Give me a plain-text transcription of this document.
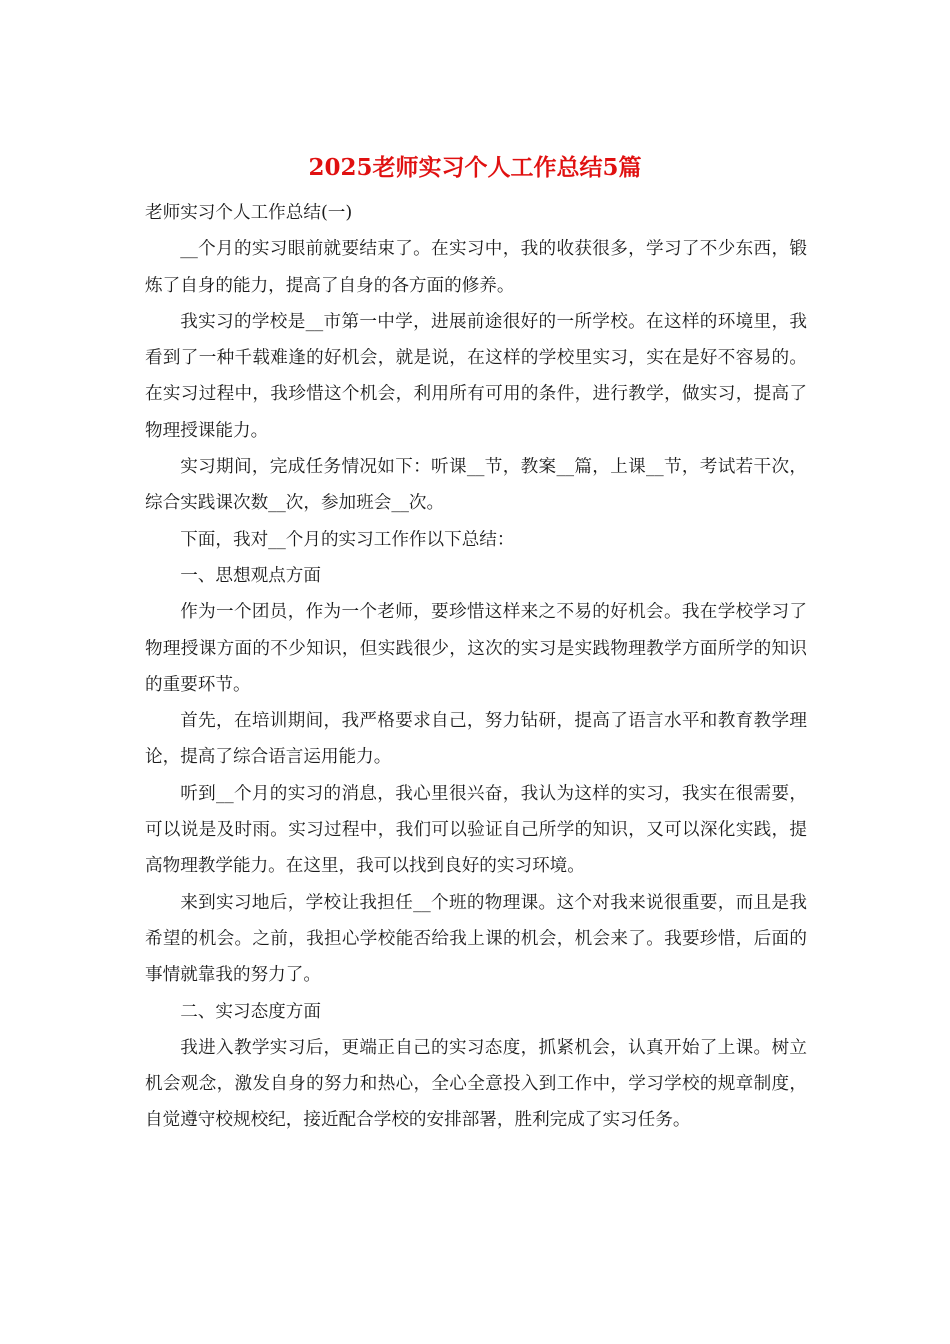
2025老师实习个人工作总结5篇

老师实习个人工作总结(一)

__个月的实习眼前就要结束了。在实习中，我的收获很多，学习了不少东西，锻炼了自身的能力，提高了自身的各方面的修养。

我实习的学校是__市第一中学，进展前途很好的一所学校。在这样的环境里，我看到了一种千载难逢的好机会，就是说，在这样的学校里实习，实在是好不容易的。在实习过程中，我珍惜这个机会，利用所有可用的条件，进行教学，做实习，提高了物理授课能力。

实习期间，完成任务情况如下：听课__节，教案__篇，上课__节，考试若干次，综合实践课次数__次，参加班会__次。

下面，我对__个月的实习工作作以下总结：

一、思想观点方面

作为一个团员，作为一个老师，要珍惜这样来之不易的好机会。我在学校学习了物理授课方面的不少知识，但实践很少，这次的实习是实践物理教学方面所学的知识的重要环节。

首先，在培训期间，我严格要求自己，努力钻研，提高了语言水平和教育教学理论，提高了综合语言运用能力。

听到__个月的实习的消息，我心里很兴奋，我认为这样的实习，我实在很需要，可以说是及时雨。实习过程中，我们可以验证自己所学的知识，又可以深化实践，提高物理教学能力。在这里，我可以找到良好的实习环境。

来到实习地后，学校让我担任__个班的物理课。这个对我来说很重要，而且是我希望的机会。之前，我担心学校能否给我上课的机会，机会来了。我要珍惜，后面的事情就靠我的努力了。

二、实习态度方面

我进入教学实习后，更端正自己的实习态度，抓紧机会，认真开始了上课。树立机会观念，激发自身的努力和热心，全心全意投入到工作中，学习学校的规章制度，自觉遵守校规校纪，接近配合学校的安排部署，胜利完成了实习任务。
